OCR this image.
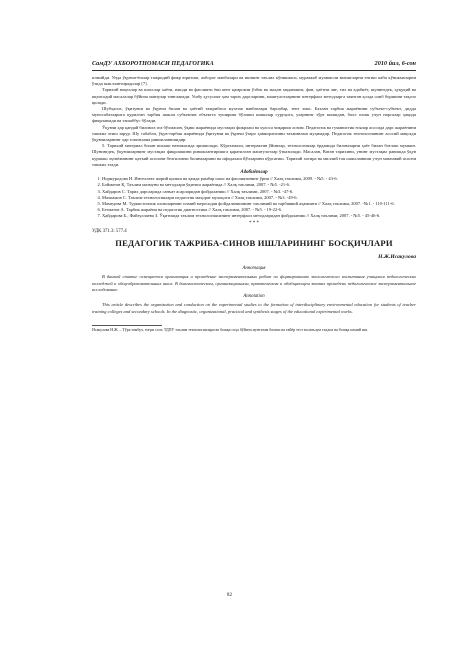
СамДУ АХБОРОТНОМАСИ ПЕДАГОГИКА	2010 йил, 6-сон

илмийди. Унда ўқувчи-ёшлар тажридий фикр юритиш, ахборот манбалари ва ишнинг таълил кўникмаси, мураккаб муаммоли вазиятларни енгиш каби кўникмаларни ўзида шакллантирадилар [7].

Тарихий воқеалар ва шахслар хаёти, ижоди ва фаолияти ёки кенг қамровли ўзбек ва жаҳон маданияти, фан, ҳаётни лиғ, тил ва адабиёт, шунингдек, ҳуқуқий ва иқтисодий масалалар бўйича мавзулар тингланади. Ушбу ҳусусият ҳам тарих дарсларини, машғулотларнинг интерфаол методларга таянган ҳолда олиб боришни тақозо қилади.

Шубҳасиз, ўқитувчи ва ўқувчи билан ва ҳаётий тажрибаси мухтож навбатлари бароабар, тенг эмас. Баъзан тарбия жараёнини субъект-субъект, дидда муносабатларига қурилган тарбия шакли субъектив объектга тушириш бўлиши кишилар гуруҳига, уларнинг тўрт кишидан, балл олиш учун нарсалар ҳақида фикрлашади ва ташаббус бўлади.

Ўқувчи ҳар қандай билимга эга бўлмасин, ўқиш жараёнида мустақил фикрлаш ва хулоса чиқариш лозим. Педагогик ва гуманистик ғоялар асосида дарс жараёнини ташкил этиш зарур. Шу сабабли, ўқув-тарбия жараёнида ўқитувчи ва ўқувчи ўзаро ҳамкорлигини таъминлаш муҳимдир. Педагогик технологиянинг асосий мақсади ўқувчиларнинг ҳар томонлама ривожланишидир.

5. Тарихий материал билан ишлаш натижасида эришилади. Кўргазмали, интерактив ўйинлар, технологиялар ёрдамида билимларни ҳаёт билан боғлаш мумкин. Шунингдек, ўқувчиларнинг мустақил фикрлашини ривожлантиришга қаратилган машғулотлар ўтказилади. Масалан, Ватан тарихини, унинг мустақил равишда ўқув куршаш эҳтиёжининг қатъий асосини белгиловчи билимларини ва ифодалаш йўлларини кўрсатиш. Тарихий хотира ва миллий ғоя шаклланиши учун маънавий асосни ташкил этади.

Адабиётлар
1. Нормуродова Н. Интеллект жорий қилиш ва ҳамда рамбар шахс ва фаолиятининг ўрни // Халқ таълими, 2009. - №5. - 43-6.
2. Бойматов Қ. Таълим мазмуни ва методлари ўқитиш жараёнида // Халқ таълими, 2007. - №5. -21-6.
3. Хайдаров С. Тарих дарсларида санъат асарларидан фойдаланиш // Халқ таълими, 2007. - №3. -47-6.
4. Махкамов С. Таълим технологиялари педагогик маҳорат мулоқоти // Халқ таълими, 2007. - №3. -49-6.
5. Мамедова М. Туркистонлик олимларнинг илмий меросидан фойдаланишнинг таълимий ва тарбиявий аҳамияти // Халқ таълими, 2007. -№1. - 110-111-6.
6. Бегматов А. Тарбия жараёни ва педагогик диагностика // Халқ таълими, 2007. - №5. - 19-22-6.
7. Ҳайдарова Б., Файзуллаева З. Ўқитишда таълим технологиясининг интерфаол методларидан фойдаланиш // Халқ таълими, 2007. - №5. - 45-46-6.
* * *
УДК 371.3: 577.4
ПЕДАГОГИК ТАЖРИБА-СИНОВ ИШЛАРИНИНГ БОСҚИЧЛАРИ
Н.Ж.Исакулова
Аннотация

В данной статье освещается организация и проведение экспериментальных работ по формированию экологического воспитания учащихся педагогических колледжей и общеобразовательных школ. В диагностическом, организационном, практическом и обобщающем этапах проведено педагогическое экспериментальное исследование.

Annotation

This article describes the organization and conduction on the experimental studies to the formation of interdisciplinary environmental education for students of teacher training colleges and secondary schools. In the diagnostic, organizational, practical and synthesis stages of the educational experimental works.

Исакулова Н.Ж. – Тўра тамбул, тоғри солт, ТДПУ таълим технологиялари ва бошқа соҳа бўйича мунтазам баланс ва тайёр тест ва маълум таҳлил ва бошқа илмий иш.

82
